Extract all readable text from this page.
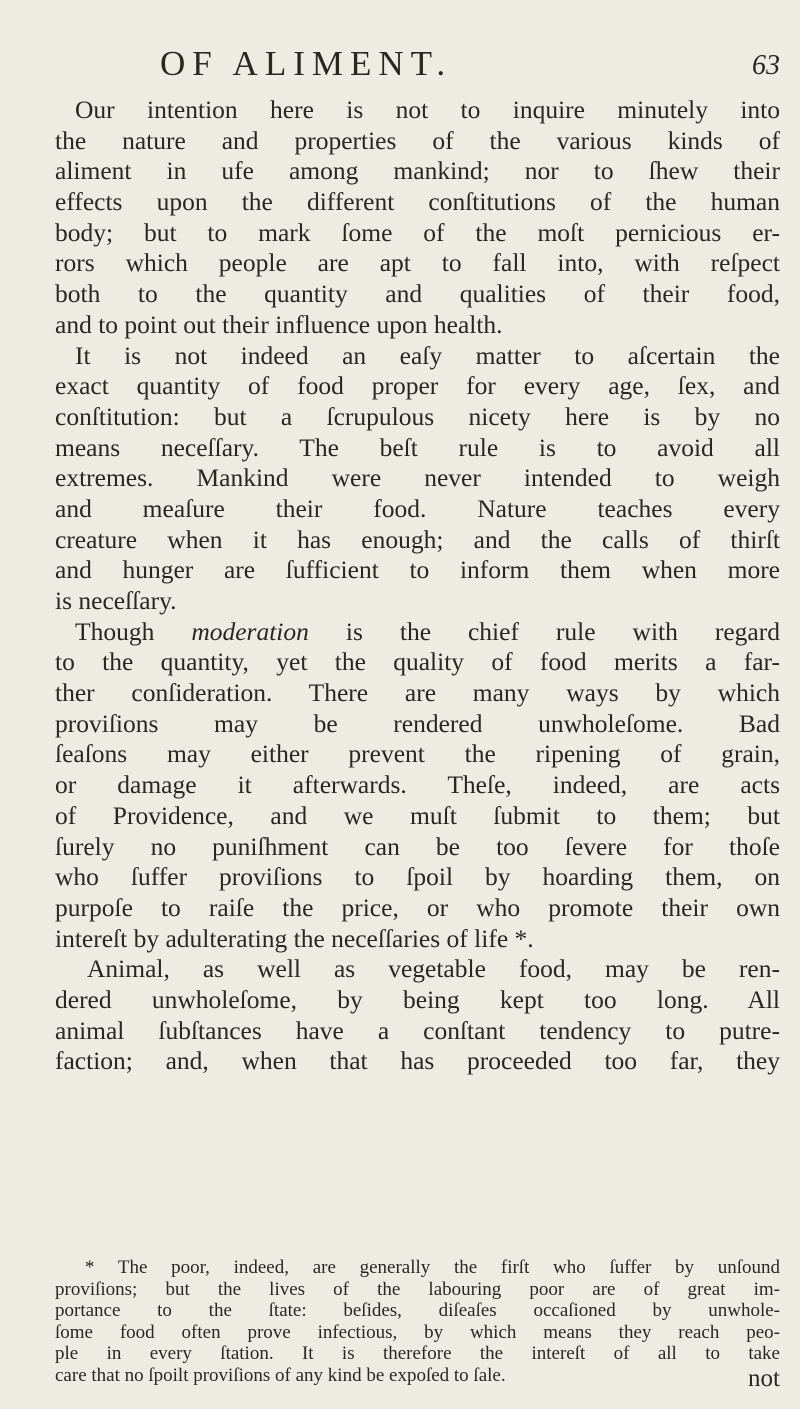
OF ALIMENT.	63
Our intention here is not to inquire minutely into
the nature and properties of the various kinds of
aliment in ufe among mankind; nor to ſhew their
effects upon the different conſtitutions of the human
body; but to mark ſome of the moſt pernicious er-
rors which people are apt to fall into, with reſpect
both to the quantity and qualities of their food,
and to point out their influence upon health.
It is not indeed an eaſy matter to aſcertain the
exact quantity of food proper for every age, ſex, and
conſtitution: but a ſcrupulous nicety here is by no
means neceſſary. The beſt rule is to avoid all
extremes. Mankind were never intended to weigh
and meaſure their food. Nature teaches every
creature when it has enough; and the calls of thirſt
and hunger are ſufficient to inform them when more
is neceſſary.
Though moderation is the chief rule with regard
to the quantity, yet the quality of food merits a far-
ther conſideration. There are many ways by which
proviſions may be rendered unwholeſome. Bad
ſeaſons may either prevent the ripening of grain,
or damage it afterwards. Theſe, indeed, are acts
of Providence, and we muſt ſubmit to them; but
ſurely no puniſhment can be too ſevere for thoſe
who ſuffer proviſions to ſpoil by hoarding them, on
purpoſe to raiſe the price, or who promote their own
intereſt by adulterating the neceſſaries of life *.
Animal, as well as vegetable food, may be ren-
dered unwholeſome, by being kept too long. All
animal ſubſtances have a conſtant tendency to putre-
faction; and, when that has proceeded too far, they
* The poor, indeed, are generally the firſt who ſuffer by unſound
proviſions; but the lives of the labouring poor are of great im-
portance to the ſtate: beſides, diſeaſes occaſioned by unwhole-
ſome food often prove infectious, by which means they reach peo-
ple in every ſtation. It is therefore the intereſt of all to take
care that no ſpoilt proviſions of any kind be expoſed to ſale.	not
